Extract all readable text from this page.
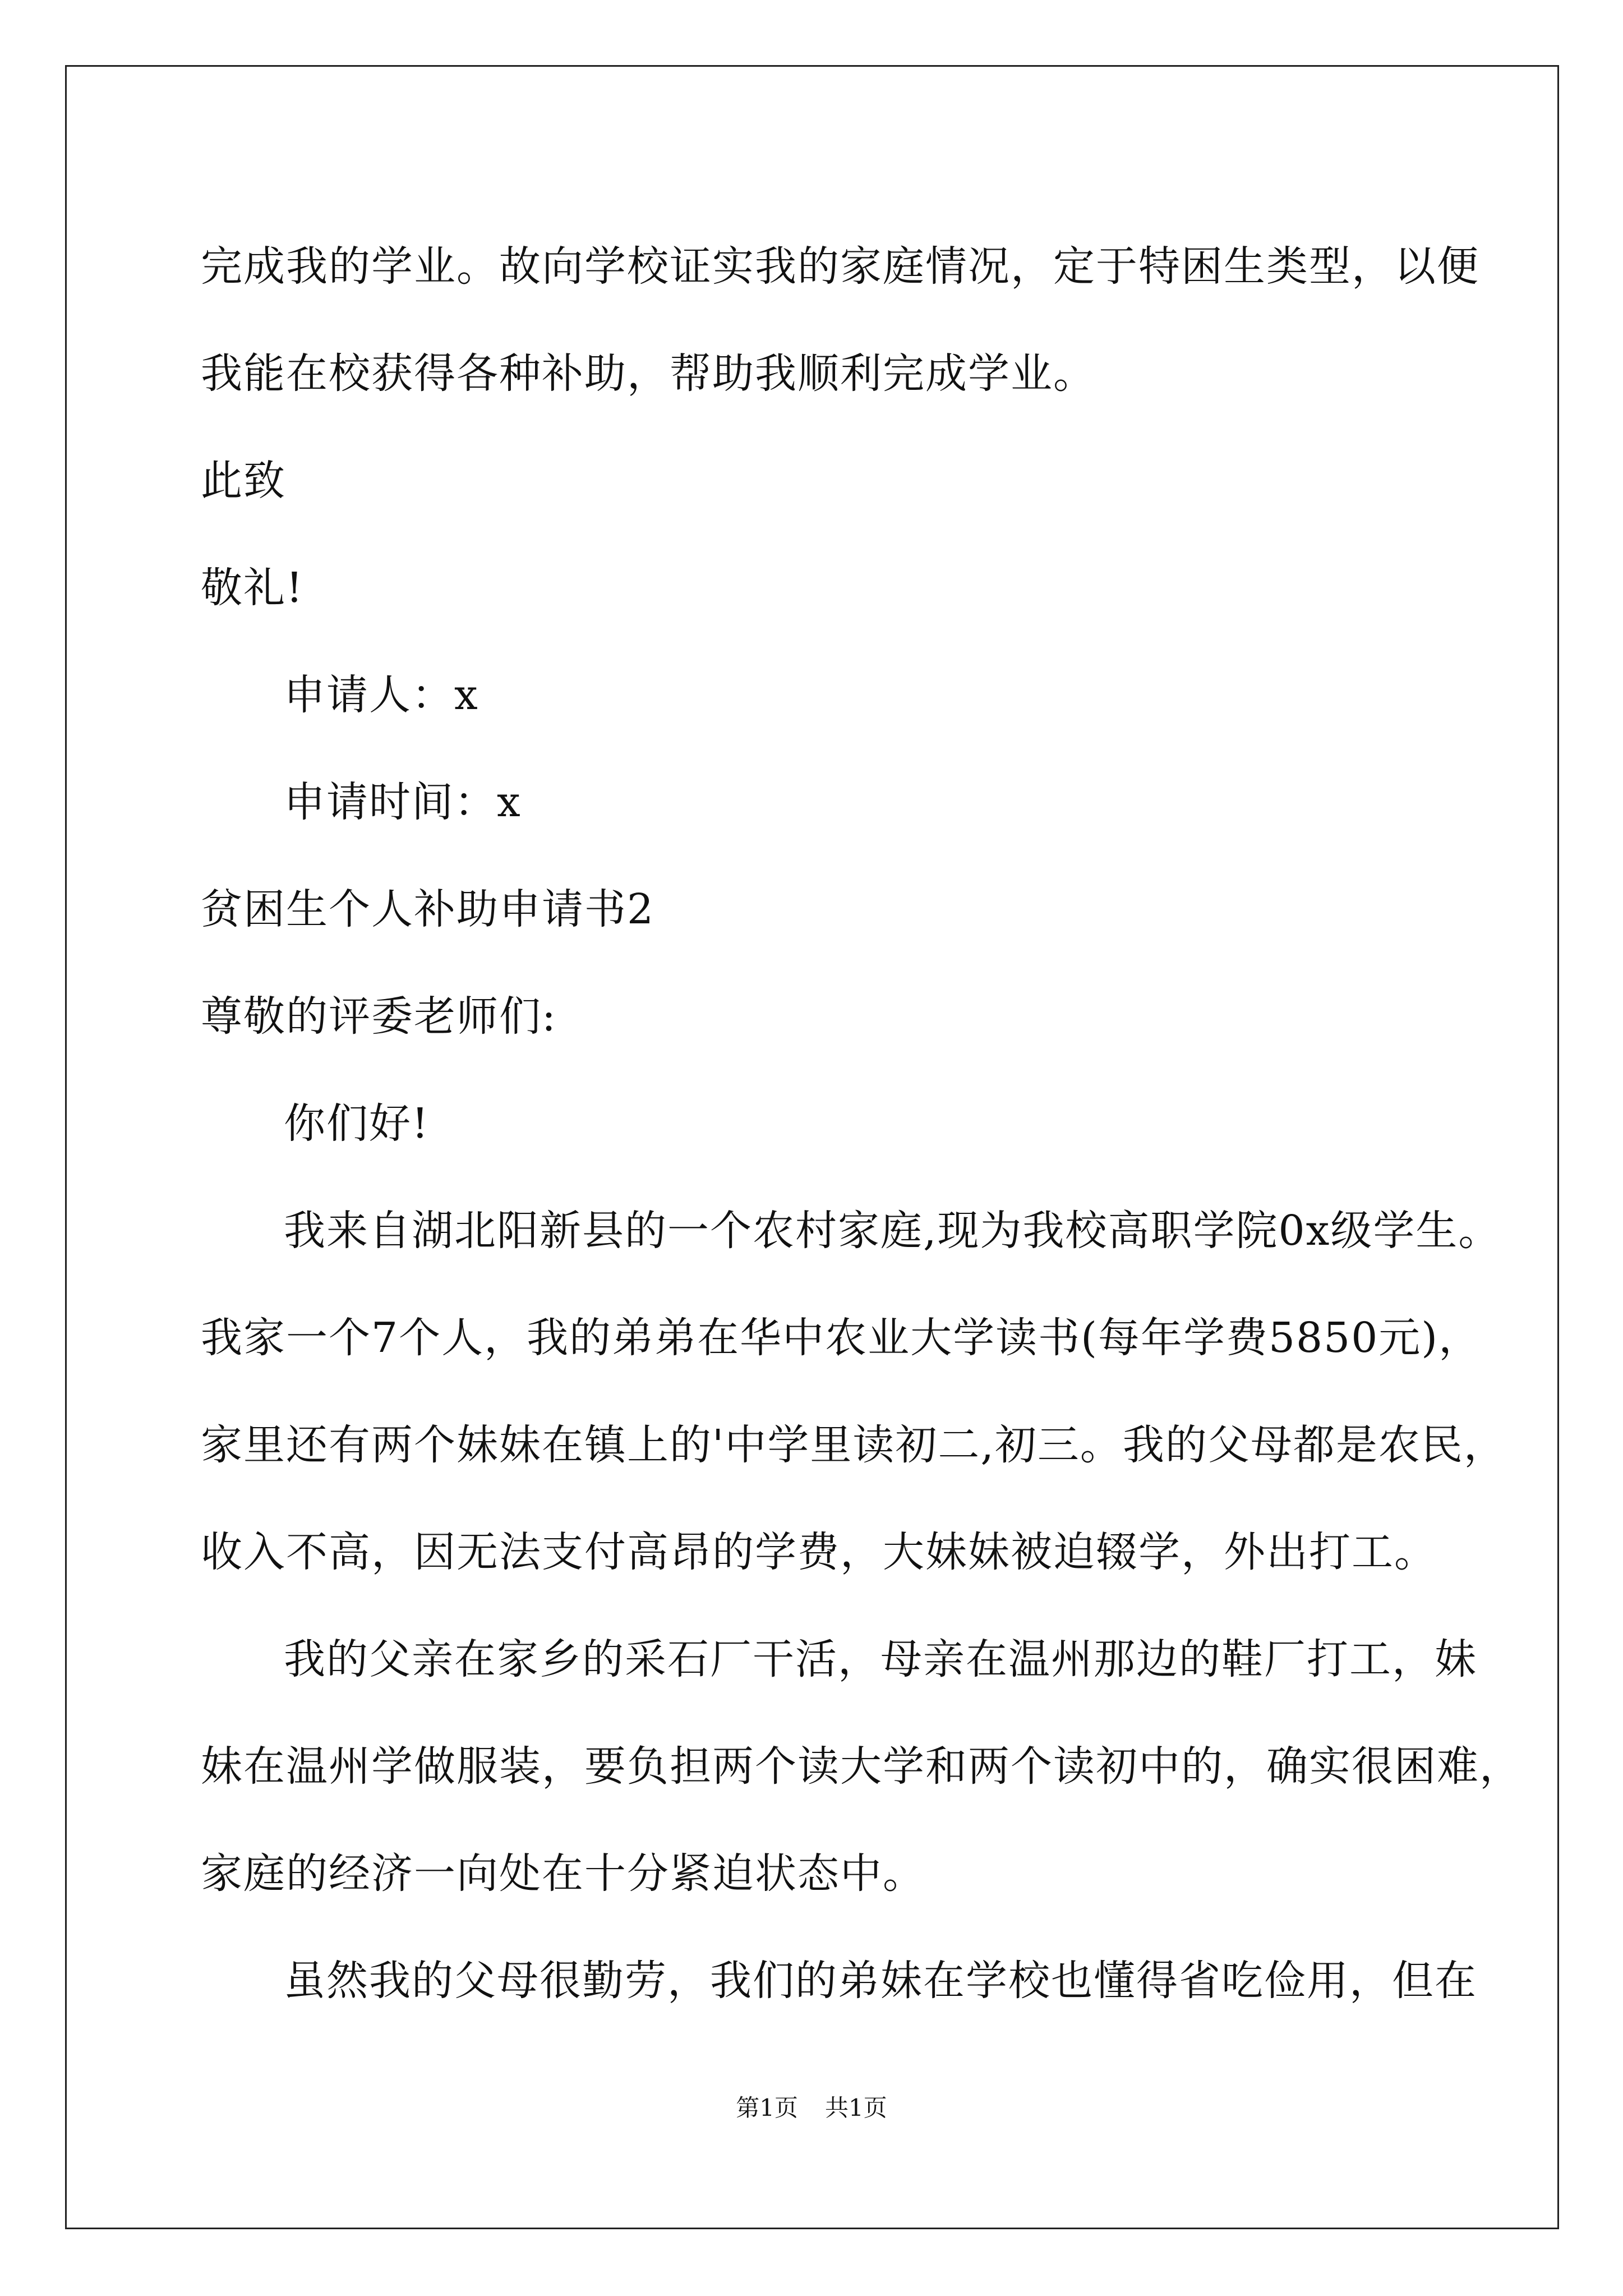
完成我的学业。故向学校证实我的家庭情况，定于特困生类型，以便
我能在校获得各种补助，帮助我顺利完成学业。
此致
敬礼!
申请人：x
申请时间：x
贫困生个人补助申请书2
尊敬的评委老师们:
你们好!
我来自湖北阳新县的一个农村家庭,现为我校高职学院0x级学生。
我家一个7个人，我的弟弟在华中农业大学读书(每年学费5850元)，
家里还有两个妹妹在镇上的'中学里读初二,初三。我的父母都是农民，
收入不高，因无法支付高昂的学费，大妹妹被迫辍学，外出打工。
我的父亲在家乡的采石厂干活，母亲在温州那边的鞋厂打工，妹
妹在温州学做服装，要负担两个读大学和两个读初中的，确实很困难，
家庭的经济一向处在十分紧迫状态中。
虽然我的父母很勤劳，我们的弟妹在学校也懂得省吃俭用，但在
第1页 共1页
